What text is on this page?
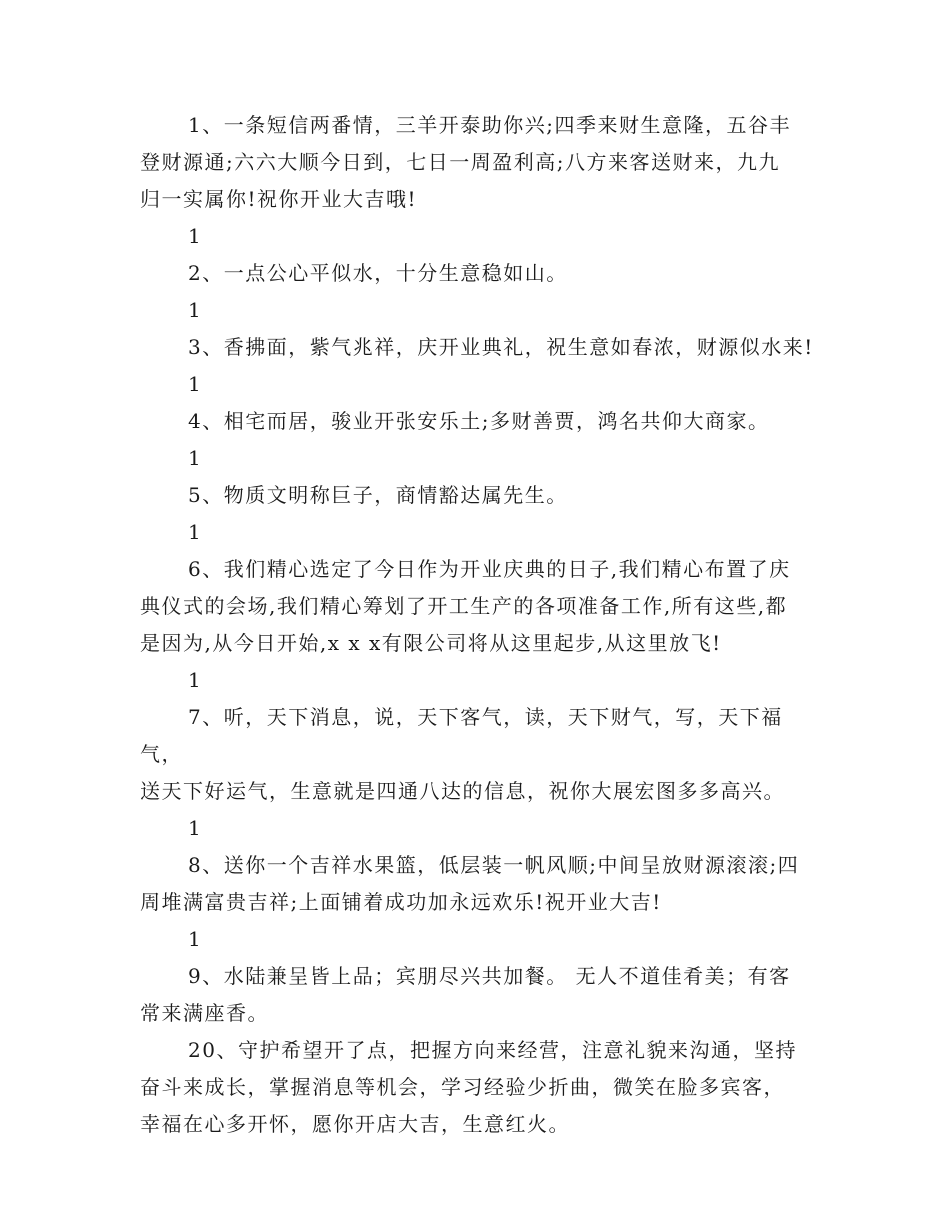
1、一条短信两番情，三羊开泰助你兴;四季来财生意隆，五谷丰
登财源通;六六大顺今日到，七日一周盈利高;八方来客送财来，九九
归一实属你!祝你开业大吉哦!

1

2、一点公心平似水，十分生意稳如山。

1

3、香拂面，紫气兆祥，庆开业典礼，祝生意如春浓，财源似水来!

1

4、相宅而居，骏业开张安乐土;多财善贾，鸿名共仰大商家。

1

5、物质文明称巨子，商情豁达属先生。

1

6、我们精心选定了今日作为开业庆典的日子,我们精心布置了庆
典仪式的会场,我们精心筹划了开工生产的各项准备工作,所有这些,都
是因为,从今日开始,x x x有限公司将从这里起步,从这里放飞!

1

7、听，天下消息，说，天下客气，读，天下财气，写，天下福气，
送天下好运气，生意就是四通八达的信息，祝你大展宏图多多高兴。

1

8、送你一个吉祥水果篮，低层装一帆风顺;中间呈放财源滚滚;四
周堆满富贵吉祥;上面铺着成功加永远欢乐!祝开业大吉!

1

9、水陆兼呈皆上品；宾朋尽兴共加餐。 无人不道佳肴美；有客
常来满座香。

20、守护希望开了点，把握方向来经营，注意礼貌来沟通，坚持
奋斗来成长，掌握消息等机会，学习经验少折曲，微笑在脸多宾客，
幸福在心多开怀，愿你开店大吉，生意红火。
